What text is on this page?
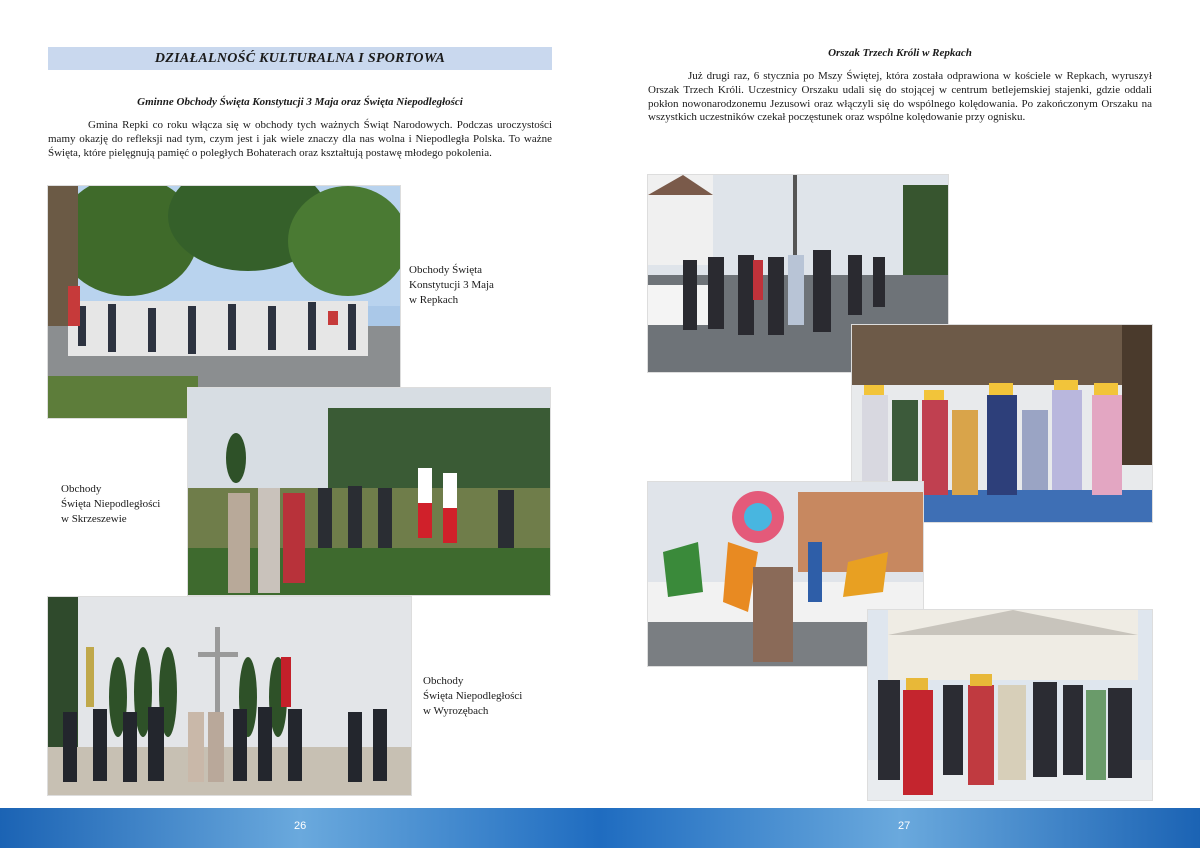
DZIAŁALNOŚĆ KULTURALNA I SPORTOWA
Gminne Obchody Święta Konstytucji 3 Maja oraz Święta Niepodległości

Gmina Repki co roku włącza się w obchody tych ważnych Świąt Narodowych. Podczas uroczystości mamy okazję do refleksji nad tym, czym jest i jak wiele znaczy dla nas wolna i Niepodległa Polska. To ważne Święta, które pielęgnują pamięć o poległych Bohaterach oraz kształtują postawę młodego pokolenia.

Obchody Święta
Konstytucji 3 Maja
w Repkach
Obchody
Święta Niepodległości
w Skrzeszewie
Obchody
Święta Niepodległości
w Wyrozębach
Orszak Trzech Króli w Repkach

Już drugi raz, 6 stycznia po Mszy Świętej, która została odprawiona w kościele w Repkach, wyruszył Orszak Trzech Króli. Uczestnicy Orszaku udali się do stojącej w centrum betlejemskiej stajenki, gdzie oddali pokłon nowonarodzonemu Jezusowi oraz włączyli się do wspólnego kolędowania. Po zakończonym Orszaku na wszystkich uczestników czekał poczęstunek oraz wspólne kolędowanie przy ognisku.

26	27
